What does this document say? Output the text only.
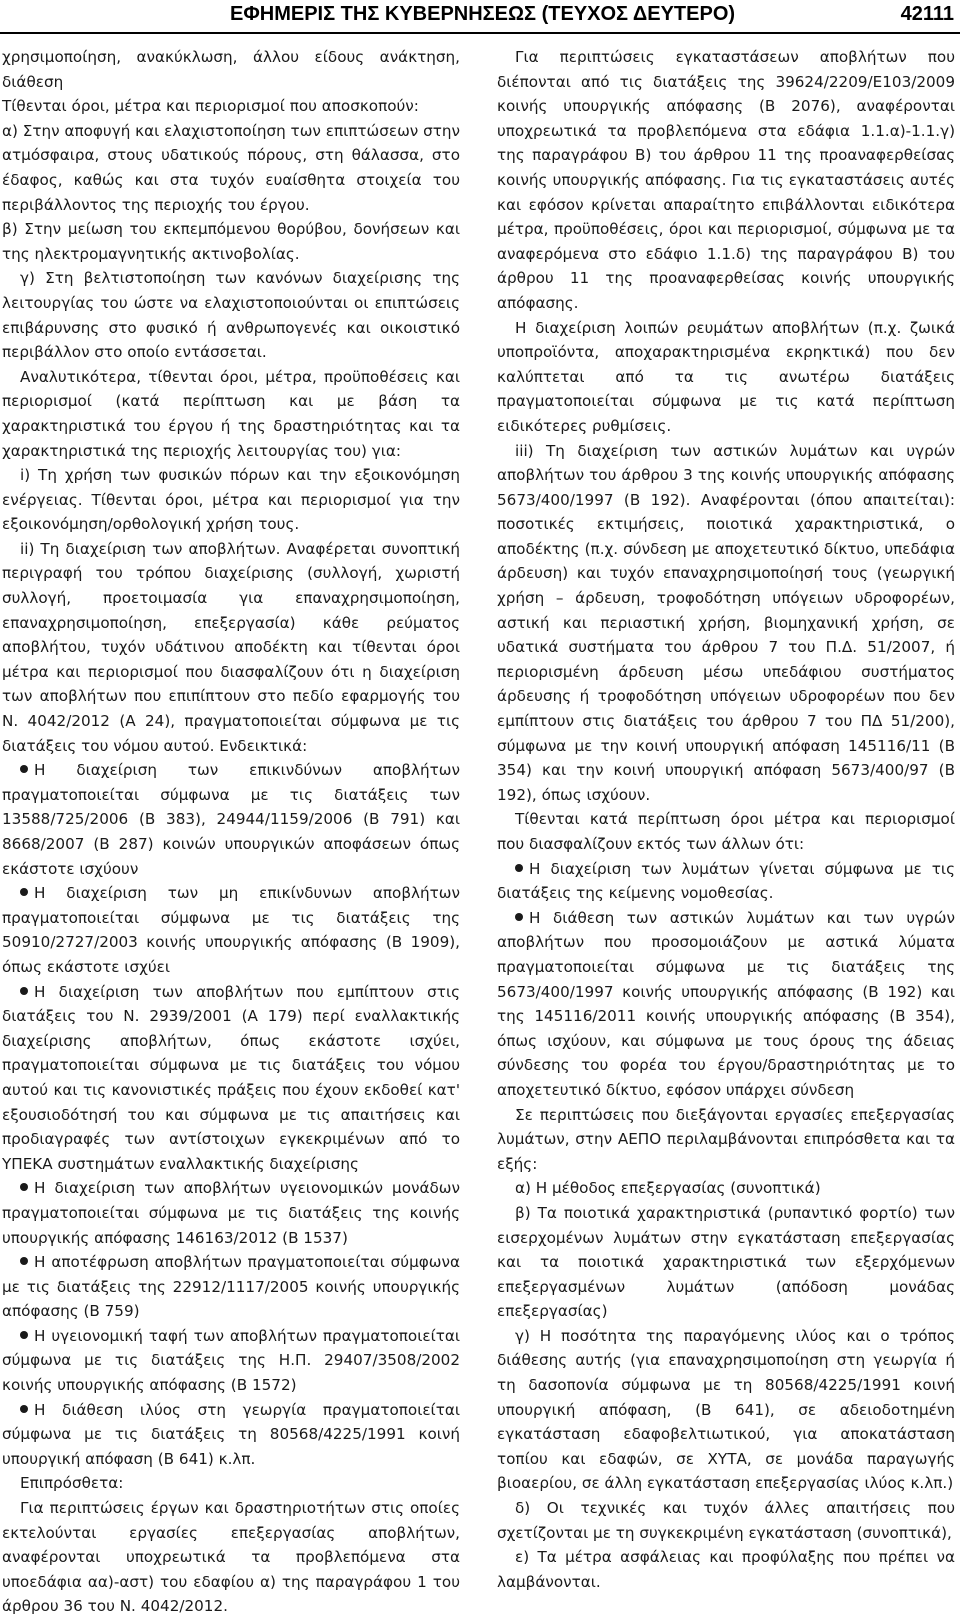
ΕΦΗΜΕΡΙΣ ΤΗΣ ΚΥΒΕΡΝΗΣΕΩΣ (ΤΕΥΧΟΣ ΔΕΥΤΕΡΟ)	42111

χρησιμοποίηση, ανακύκλωση, άλλου είδους ανάκτηση, διάθεση

Τίθενται όροι, μέτρα και περιορισμοί που αποσκοπούν:

α) Στην αποφυγή και ελαχιστοποίηση των επιπτώσεων στην ατμόσφαιρα, στους υδατικούς πόρους, στη θάλασσα, στο έδαφος, καθώς και στα τυχόν ευαίσθητα στοιχεία του περιβάλλοντος της περιοχής του έργου.

β) Στην μείωση του εκπεμπόμενου θορύβου, δονήσεων και της ηλεκτρομαγνητικής ακτινοβολίας.

γ) Στη βελτιστοποίηση των κανόνων διαχείρισης της λειτουργίας του ώστε να ελαχιστοποιούνται οι επιπτώσεις επιβάρυνσης στο φυσικό ή ανθρωπογενές και οικοιστικό περιβάλλον στο οποίο εντάσσεται.

Αναλυτικότερα, τίθενται όροι, μέτρα, προϋποθέσεις και περιορισμοί (κατά περίπτωση και με βάση τα χαρακτηριστικά του έργου ή της δραστηριότητας και τα χαρακτηριστικά της περιοχής λειτουργίας του) για:

i) Τη χρήση των φυσικών πόρων και την εξοικονόμηση ενέργειας. Τίθενται όροι, μέτρα και περιορισμοί για την εξοικονόμηση/ορθολογική χρήση τους.

ii) Τη διαχείριση των αποβλήτων. Αναφέρεται συνοπτική περιγραφή του τρόπου διαχείρισης (συλλογή, χωριστή συλλογή, προετοιμασία για επαναχρησιμοποίηση, επαναχρησιμοποίηση, επεξεργασία) κάθε ρεύματος αποβλήτου, τυχόν υδάτινου αποδέκτη και τίθενται όροι μέτρα και περιορισμοί που διασφαλίζουν ότι η διαχείριση των αποβλήτων που επιπίπτουν στο πεδίο εφαρμογής του Ν. 4042/2012 (Α 24), πραγματοποιείται σύμφωνα με τις διατάξεις του νόμου αυτού. Ενδεικτικά:

Η διαχείριση των επικινδύνων αποβλήτων πραγματοποιείται σύμφωνα με τις διατάξεις των 13588/725/2006 (Β 383), 24944/1159/2006 (Β 791) και 8668/2007 (Β 287) κοινών υπουργικών αποφάσεων όπως εκάστοτε ισχύουν

Η διαχείριση των μη επικίνδυνων αποβλήτων πραγματοποιείται σύμφωνα με τις διατάξεις της 50910/2727/2003 κοινής υπουργικής απόφασης (Β 1909), όπως εκάστοτε ισχύει

Η διαχείριση των αποβλήτων που εμπίπτουν στις διατάξεις του Ν. 2939/2001 (Α 179) περί εναλλακτικής διαχείρισης αποβλήτων, όπως εκάστοτε ισχύει, πραγματοποιείται σύμφωνα με τις διατάξεις του νόμου αυτού και τις κανονιστικές πράξεις που έχουν εκδοθεί κατ' εξουσιοδότησή του και σύμφωνα με τις απαιτήσεις και προδιαγραφές των αντίστοιχων εγκεκριμένων από το ΥΠΕΚΑ συστημάτων εναλλακτικής διαχείρισης

Η διαχείριση των αποβλήτων υγειονομικών μονάδων πραγματοποιείται σύμφωνα με τις διατάξεις της κοινής υπουργικής απόφασης 146163/2012 (Β 1537)

Η αποτέφρωση αποβλήτων πραγματοποιείται σύμφωνα με τις διατάξεις της 22912/1117/2005 κοινής υπουργικής απόφασης (Β 759)

Η υγειονομική ταφή των αποβλήτων πραγματοποιείται σύμφωνα με τις διατάξεις της Η.Π. 29407/3508/2002 κοινής υπουργικής απόφασης (Β 1572)

Η διάθεση ιλύος στη γεωργία πραγματοποιείται σύμφωνα με τις διατάξεις τη 80568/4225/1991 κοινή υπουργική απόφαση (Β 641) κ.λπ.

Επιπρόσθετα:

Για περιπτώσεις έργων και δραστηριοτήτων στις οποίες εκτελούνται εργασίες επεξεργασίας αποβλήτων, αναφέρονται υποχρεωτικά τα προβλεπόμενα στα υποεδάφια αα)-αστ) του εδαφίου α) της παραγράφου 1 του άρθρου 36 του Ν. 4042/2012.

Για περιπτώσεις εγκαταστάσεων αποβλήτων που διέπονται από τις διατάξεις της 39624/2209/Ε103/2009 κοινής υπουργικής απόφασης (Β 2076), αναφέρονται υποχρεωτικά τα προβλεπόμενα στα εδάφια 1.1.α)-1.1.γ) της παραγράφου Β) του άρθρου 11 της προαναφερθείσας κοινής υπουργικής απόφασης. Για τις εγκαταστάσεις αυτές και εφόσον κρίνεται απαραίτητο επιβάλλονται ειδικότερα μέτρα, προϋποθέσεις, όροι και περιορισμοί, σύμφωνα με τα αναφερόμενα στο εδάφιο 1.1.δ) της παραγράφου Β) του άρθρου 11 της προαναφερθείσας κοινής υπουργικής απόφασης.

Η διαχείριση λοιπών ρευμάτων αποβλήτων (π.χ. ζωικά υποπροϊόντα, αποχαρακτηρισμένα εκρηκτικά) που δεν καλύπτεται από τα τις ανωτέρω διατάξεις πραγματοποιείται σύμφωνα με τις κατά περίπτωση ειδικότερες ρυθμίσεις.

iii) Τη διαχείριση των αστικών λυμάτων και υγρών αποβλήτων του άρθρου 3 της κοινής υπουργικής απόφασης 5673/400/1997 (Β 192). Αναφέρονται (όπου απαιτείται): ποσοτικές εκτιμήσεις, ποιοτικά χαρακτηριστικά, ο αποδέκτης (π.χ. σύνδεση με αποχετευτικό δίκτυο, υπεδάφια άρδευση) και τυχόν επαναχρησιμοποίησή τους (γεωργική χρήση – άρδευση, τροφοδότηση υπόγειων υδροφορέων, αστική και περιαστική χρήση, βιομηχανική χρήση, σε υδατικά συστήματα του άρθρου 7 του Π.Δ. 51/2007, ή περιορισμένη άρδευση μέσω υπεδάφιου συστήματος άρδευσης ή τροφοδότηση υπόγειων υδροφορέων που δεν εμπίπτουν στις διατάξεις του άρθρου 7 του ΠΔ 51/200), σύμφωνα με την κοινή υπουργική απόφαση 145116/11 (Β 354) και την κοινή υπουργική απόφαση 5673/400/97 (Β 192), όπως ισχύουν.

Τίθενται κατά περίπτωση όροι μέτρα και περιορισμοί που διασφαλίζουν εκτός των άλλων ότι:

Η διαχείριση των λυμάτων γίνεται σύμφωνα με τις διατάξεις της κείμενης νομοθεσίας.

Η διάθεση των αστικών λυμάτων και των υγρών αποβλήτων που προσομοιάζουν με αστικά λύματα πραγματοποιείται σύμφωνα με τις διατάξεις της 5673/400/1997 κοινής υπουργικής απόφασης (Β 192) και της 145116/2011 κοινής υπουργικής απόφασης (Β 354), όπως ισχύουν, και σύμφωνα με τους όρους της άδειας σύνδεσης του φορέα του έργου/δραστηριότητας με το αποχετευτικό δίκτυο, εφόσον υπάρχει σύνδεση

Σε περιπτώσεις που διεξάγονται εργασίες επεξεργασίας λυμάτων, στην ΑΕΠΟ περιλαμβάνονται επιπρόσθετα και τα εξής:

α) Η μέθοδος επεξεργασίας (συνοπτικά)

β) Τα ποιοτικά χαρακτηριστικά (ρυπαντικό φορτίο) των εισερχομένων λυμάτων στην εγκατάσταση επεξεργασίας και τα ποιοτικά χαρακτηριστικά των εξερχόμενων επεξεργασμένων λυμάτων (απόδοση μονάδας επεξεργασίας)

γ) Η ποσότητα της παραγόμενης ιλύος και ο τρόπος διάθεσης αυτής (για επαναχρησιμοποίηση στη γεωργία ή τη δασοπονία σύμφωνα με τη 80568/4225/1991 κοινή υπουργική απόφαση, (Β 641), σε αδειοδοτημένη εγκατάσταση εδαφοβελτιωτικού, για αποκατάσταση τοπίου και εδαφών, σε ΧΥΤΑ, σε μονάδα παραγωγής βιοαερίου, σε άλλη εγκατάσταση επεξεργασίας ιλύος κ.λπ.)

δ) Οι τεχνικές και τυχόν άλλες απαιτήσεις που σχετίζονται με τη συγκεκριμένη εγκατάσταση (συνοπτικά),

ε) Τα μέτρα ασφάλειας και προφύλαξης που πρέπει να λαμβάνονται.
